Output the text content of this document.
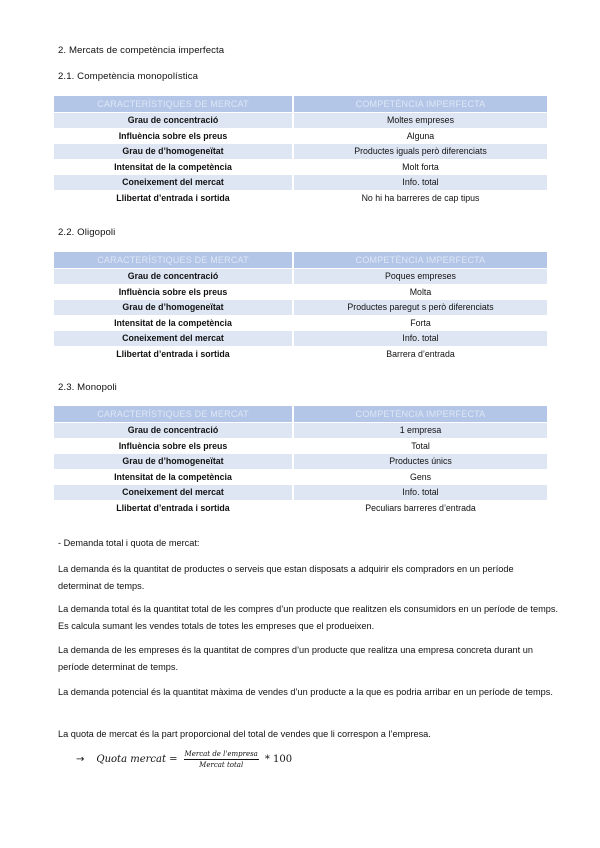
2. Mercats de competència imperfecta
2.1. Competència monopolística
CARACTERÍSTIQUES DE MERCAT	COMPETÈNCIA IMPERFECTA
Grau de concentració	Moltes empreses
Influència sobre els preus	Alguna
Grau de d’homogeneïtat	Productes iguals però diferenciats
Intensitat de la competència	Molt forta
Coneixement del mercat	Info. total
Llibertat d’entrada i sortida	No hi ha barreres de cap tipus
2.2. Oligopoli
CARACTERÍSTIQUES DE MERCAT	COMPETÈNCIA IMPERFECTA
Grau de concentració	Poques empreses
Influència sobre els preus	Molta
Grau de d’homogeneïtat	Productes paregut s però diferenciats
Intensitat de la competència	Forta
Coneixement del mercat	Info. total
Llibertat d’entrada i sortida	Barrera d’entrada
2.3. Monopoli
CARACTERÍSTIQUES DE MERCAT	COMPETÈNCIA IMPERFECTA
Grau de concentració	1 empresa
Influència sobre els preus	Total
Grau de d’homogeneïtat	Productes únics
Intensitat de la competència	Gens
Coneixement del mercat	Info. total
Llibertat d’entrada i sortida	Peculiars barreres d’entrada
- Demanda total i quota de mercat:
La demanda és la quantitat de productes o serveis que estan disposats a adquirir els compradors en un període determinat de temps.
La demanda total és la quantitat total de les compres d’un producte que realitzen els consumidors en un període de temps. Es calcula sumant les vendes totals de totes les empreses que el produeixen.
La demanda de les empreses és la quantitat de compres d’un producte que realitza una empresa concreta durant un període determinat de temps.
La demanda potencial és la quantitat màxima de vendes d’un producte a la que es podria arribar en un període de temps.
La quota de mercat és la part proporcional del total de vendes que li correspon a l’empresa.
→ Quota mercat = $\frac{\text{Mercat de l'empresa}}{\text{Mercat total}} * 100$
